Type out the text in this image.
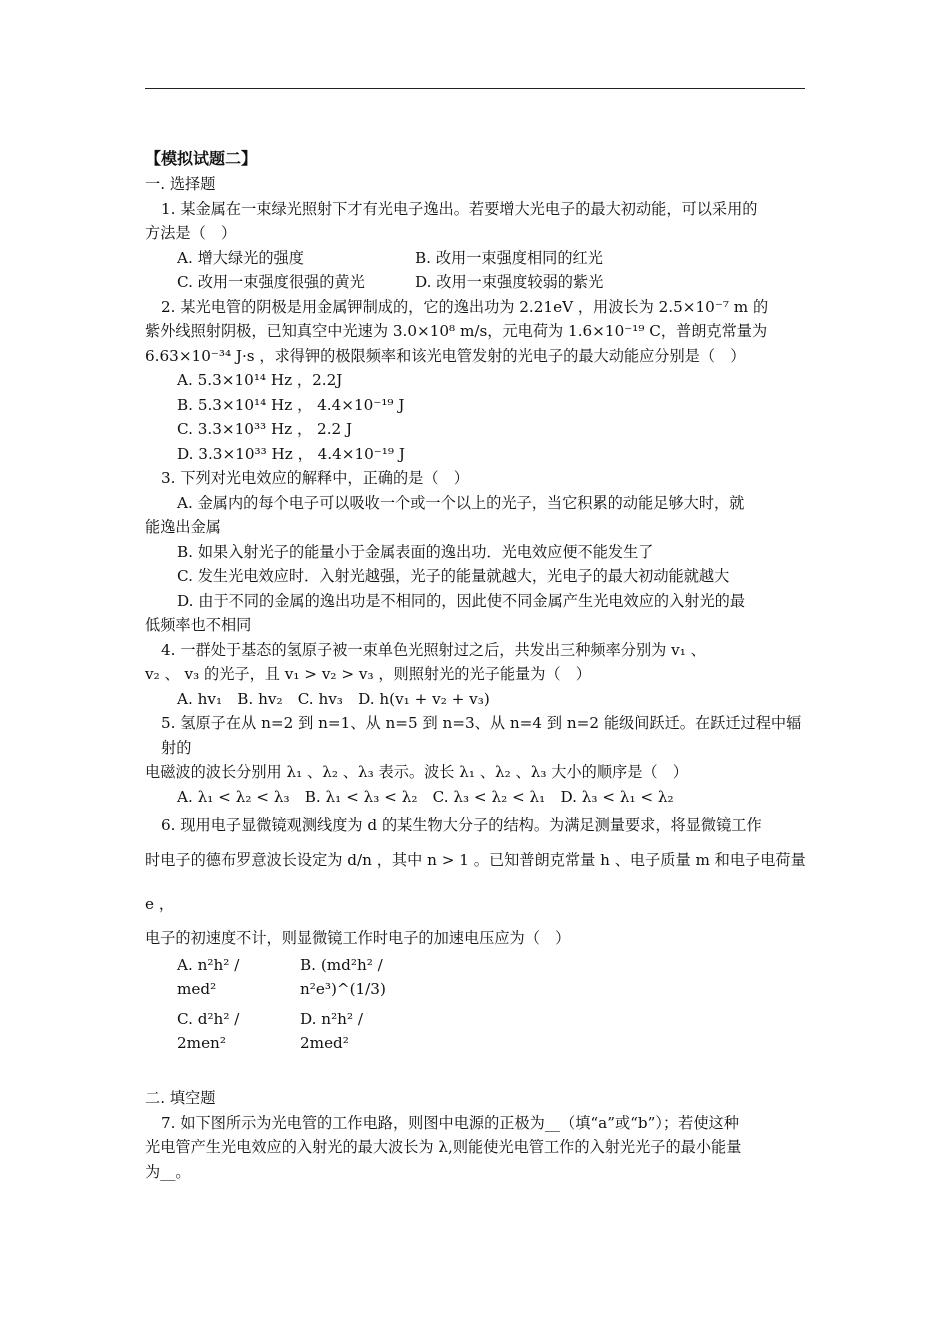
【模拟试题二】
一. 选择题
1. 某金属在一束绿光照射下才有光电子逸出。若要增大光电子的最大初动能，可以采用的
方法是（　）
A. 增大绿光的强度	B. 改用一束强度相同的红光
C. 改用一束强度很强的黄光	D. 改用一束强度较弱的紫光
2. 某光电管的阴极是用金属钾制成的，它的逸出功为 2.21eV ，用波长为 2.5×10⁻⁷ m 的
紫外线照射阴极，已知真空中光速为 3.0×10⁸ m/s，元电荷为 1.6×10⁻¹⁹ C，普朗克常量为
6.63×10⁻³⁴ J·s ，求得钾的极限频率和该光电管发射的光电子的最大动能应分别是（　）
A. 5.3×10¹⁴ Hz ，2.2J
B. 5.3×10¹⁴ Hz ， 4.4×10⁻¹⁹ J
C. 3.3×10³³ Hz ， 2.2 J
D. 3.3×10³³ Hz ， 4.4×10⁻¹⁹ J
3. 下列对光电效应的解释中，正确的是（　）
A. 金属内的每个电子可以吸收一个或一个以上的光子，当它积累的动能足够大时，就
能逸出金属
B. 如果入射光子的能量小于金属表面的逸出功．光电效应便不能发生了
C. 发生光电效应时．入射光越强，光子的能量就越大，光电子的最大初动能就越大
D. 由于不同的金属的逸出功是不相同的，因此使不同金属产生光电效应的入射光的最
低频率也不相同
4. 一群处于基态的氢原子被一束单色光照射过之后，共发出三种频率分别为 v₁ 、
v₂ 、 v₃ 的光子，且 v₁ > v₂ > v₃ ，则照射光的光子能量为（　）
A. hv₁　B. hv₂　C. hv₃　D. h(v₁ + v₂ + v₃)
5. 氢原子在从 n=2 到 n=1、从 n=5 到 n=3、从 n=4 到 n=2 能级间跃迁。在跃迁过程中辐射的
电磁波的波长分别用 λ₁ 、λ₂ 、λ₃ 表示。波长 λ₁ 、λ₂ 、λ₃ 大小的顺序是（　）
A. λ₁ < λ₂ < λ₃　B. λ₁ < λ₃ < λ₂　C. λ₃ < λ₂ < λ₁　D. λ₃ < λ₁ < λ₂
6. 现用电子显微镜观测线度为 d 的某生物大分子的结构。为满足测量要求，将显微镜工作
时电子的德布罗意波长设定为 d/n ，其中 n > 1 。已知普朗克常量 h 、电子质量 m 和电子电荷量 e ，
电子的初速度不计，则显微镜工作时电子的加速电压应为（　）
A. n²h² / med²
B. (md²h² / n²e³)^(1/3)
C. d²h² / 2men²
D. n²h² / 2med²
二. 填空题
7. 如下图所示为光电管的工作电路，则图中电源的正极为__（填“a”或“b”）；若使这种
光电管产生光电效应的入射光的最大波长为 λ,则能使光电管工作的入射光光子的最小能量
为__。
